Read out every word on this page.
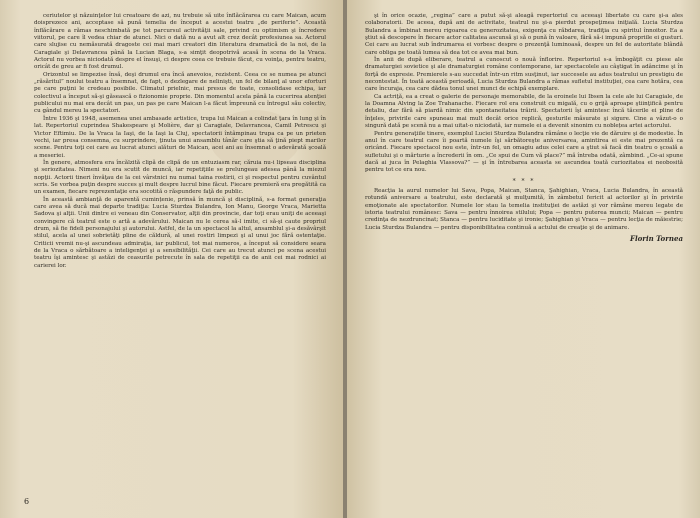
ceriutelor şi năzuinţelor lui creatoare de azi, nu trebuie să uite înflăcărarea cu care Maican, acum doisprezece ani, acceptase să pună temelia de început a acestui teatru „de periferie”. Această înflăcărare a rămas neschimbată pe tot parcursul activităţii sale, privind cu optimism şi încredere viitorul, pe care îl vedea chiar de atunci. Nici o dată nu a avut alt crez decât profesiunea sa. Actorul care slujise cu nemăsurată dragoste cei mai mari creatori din literatura dramatică de la noi, de la Caragiale şi Delavrancea până la Lucian Blaga, s-a simţit deopotrivă acasă în scena de la Vraca. Actorul nu vorbea niciodată despre el însuşi, ci despre ceea ce trebuie făcut, cu voinţa, pentru teatru, oricât de greu ar fi fost drumul.

Orizontul se limpezise însă, deşi drumul era încă anevoios, rezistent. Ceea ce se numea pe atunci „răsăritul” noului teatru a însemnat, de fapt, o dezlegare de nelinişti, un fel de bilanţ al unor eforturi pe care puţini le credeau posibile. Climatul prielnic, mai presus de toate, consolidase echipa, iar colectivul a început să-şi găsească o fizionomie proprie. Din momentul acela până la cucerirea atenţiei publicului nu mai era decât un pas, un pas pe care Maican l-a făcut împreună cu întregul său colectiv, cu gândul mereu la spectatori.

Între 1936 şi 1948, asemenea unei ambasade artistice, trupa lui Maican a colindat ţara în lung şi în lat. Repertoriul cuprindea Shakespeare şi Molière, dar şi Caragiale, Delavrancea, Camil Petrescu şi Victor Eftimiu. De la Vraca la Iaşi, de la Iaşi la Cluj, spectatorii întâmpinau trupa ca pe un prieten vechi, iar presa consemna, cu surprindere, ţinuta unui ansamblu tânăr care ştia să ţină piept marilor scene. Pentru toţi cei care au lucrat atunci alături de Maican, acei ani au însemnat o adevărată şcoală a meseriei.

În genere, atmosfera era încălzită clipă de clipă de un entuziasm rar, căruia nu-i lipseau disciplina şi seriozitatea. Nimeni nu era scutit de muncă, iar repetiţiile se prelungeau adesea până la miezul nopţii. Actorii tineri învăţau de la cei vârstnici nu numai taina rostirii, ci şi respectul pentru cuvântul scris. Se vorbea puţin despre succes şi mult despre lucrul bine făcut. Fiecare premieră era pregătită ca un examen, fiecare reprezentaţie era socotită o răspundere faţă de public.

În această ambianţă de aparentă cumințenie, prinsă în muncă şi disciplină, s-a format generaţia care avea să ducă mai departe tradiţia: Lucia Sturdza Bulandra, Ion Manu, George Vraca, Marietta Sadova şi alţii. Unii dintre ei veneau din Conservator, alţii din provincie, dar toţi erau uniţi de aceeaşi convingere că teatrul este o artă a adevărului. Maican nu le cerea să-l imite, ci să-şi caute propriul drum, să fie fideli personajului şi autorului. Astfel, de la un spectacol la altul, ansamblul şi-a desăvârşit stilul, acela al unei sobrietăţi pline de căldură, al unei rostiri limpezi şi al unui joc fără ostentaţie. Criticii vremii nu-şi ascundeau admiraţia, iar publicul, tot mai numeros, a început să considere seara de la Vraca o sărbătoare a inteligenţei şi a sensibilităţii. Cei care au trecut atunci pe scena acestui teatru îşi amintesc şi astăzi de ceasurile petrecute în sala de repetiţii ca de anii cei mai rodnici ai carierei lor.

6

şi în orice ocazie, „regina” care a putut să-şi aleagă repertoriul cu aceeaşi libertate cu care şi-a ales colaboratorii. De aceea, după ani de activitate, teatrul nu şi-a pierdut prospeţimea iniţială. Lucia Sturdza Bulandra a îmbinat mereu rigoarea cu generozitatea, exigenţa cu răbdarea, tradiţia cu spiritul înnoitor. Ea a ştiut să descopere în fiecare actor calitatea ascunsă şi să o pună în valoare, fără să-i impună propriile ei gusturi. Cei care au lucrat sub îndrumarea ei vorbesc despre o prezenţă luminoasă, despre un fel de autoritate blândă care obliga pe toată lumea să dea tot ce avea mai bun.

În anii de după eliberare, teatrul a cunoscut o nouă înflorire. Repertoriul s-a îmbogăţit cu piese ale dramaturgiei sovietice şi ale dramaturgiei române contemporane, iar spectacolele au câştigat în adâncime şi în forţă de expresie. Premierele s-au succedat într-un ritm susţinut, iar succesele au adus teatrului un prestigiu de necontestat. În toată această perioadă, Lucia Sturdza Bulandra a rămas sufletul instituţiei, cea care hotăra, cea care încuraja, cea care dădea tonul unei munci de echipă exemplare.

Ca actriţă, ea a creat o galerie de personaje memorabile, de la eroinele lui Ibsen la cele ale lui Caragiale, de la Doamna Alving la Zoe Trahanache. Fiecare rol era construit cu migală, cu o grijă aproape ştiinţifică pentru detaliu, dar fără să piardă nimic din spontaneitatea trăirii. Spectatorii îşi amintesc încă tăcerile ei pline de înţeles, privirile care spuneau mai mult decât orice replică, gesturile măsurate şi sigure. Cine a văzut-o o singură dată pe scenă nu a mai uitat-o niciodată, iar numele ei a devenit sinonim cu noblețea artei actorului.

Pentru generaţiile tinere, exemplul Luciei Sturdza Bulandra rămâne o lecţie vie de dăruire şi de modestie. În anul în care teatrul care îi poartă numele îşi sărbătoreşte aniversarea, amintirea ei este mai prezentă ca oricând. Fiecare spectacol nou este, într-un fel, un omagiu adus celei care a ştiut să facă din teatru o şcoală a sufletului şi o mărturie a încrederii în om. „Ce spui de Cum vă place?” mă întreba odată, zâmbind. „Ce-ai spune dacă ai juca în Pelaghia Vlassova?” — şi în întrebarea aceasta se ascundea toată curiozitatea ei neobosită pentru tot ce era nou.

* * *

Reacţia la aurul numelor lui Sava, Popa, Maican, Stanca, Şahighian, Vraca, Lucia Bulandra, în această rotundă aniversare a teatrului, este declarată şi mulţumită, în zâmbetul fericit al actorilor şi în privirile emoţionate ale spectatorilor. Numele lor stau la temelia instituţiei de astăzi şi vor rămâne mereu legate de istoria teatrului românesc: Sava — pentru înnoirea stilului; Popa — pentru puterea muncii; Maican — pentru credinţa de nezdruncinat; Stanca — pentru luciditate şi ironie; Şahighian şi Vraca — pentru lecţia de măiestrie; Lucia Sturdza Bulandra — pentru disponibilitatea continuă a actului de creaţie şi de animare.

Florin Tornea
